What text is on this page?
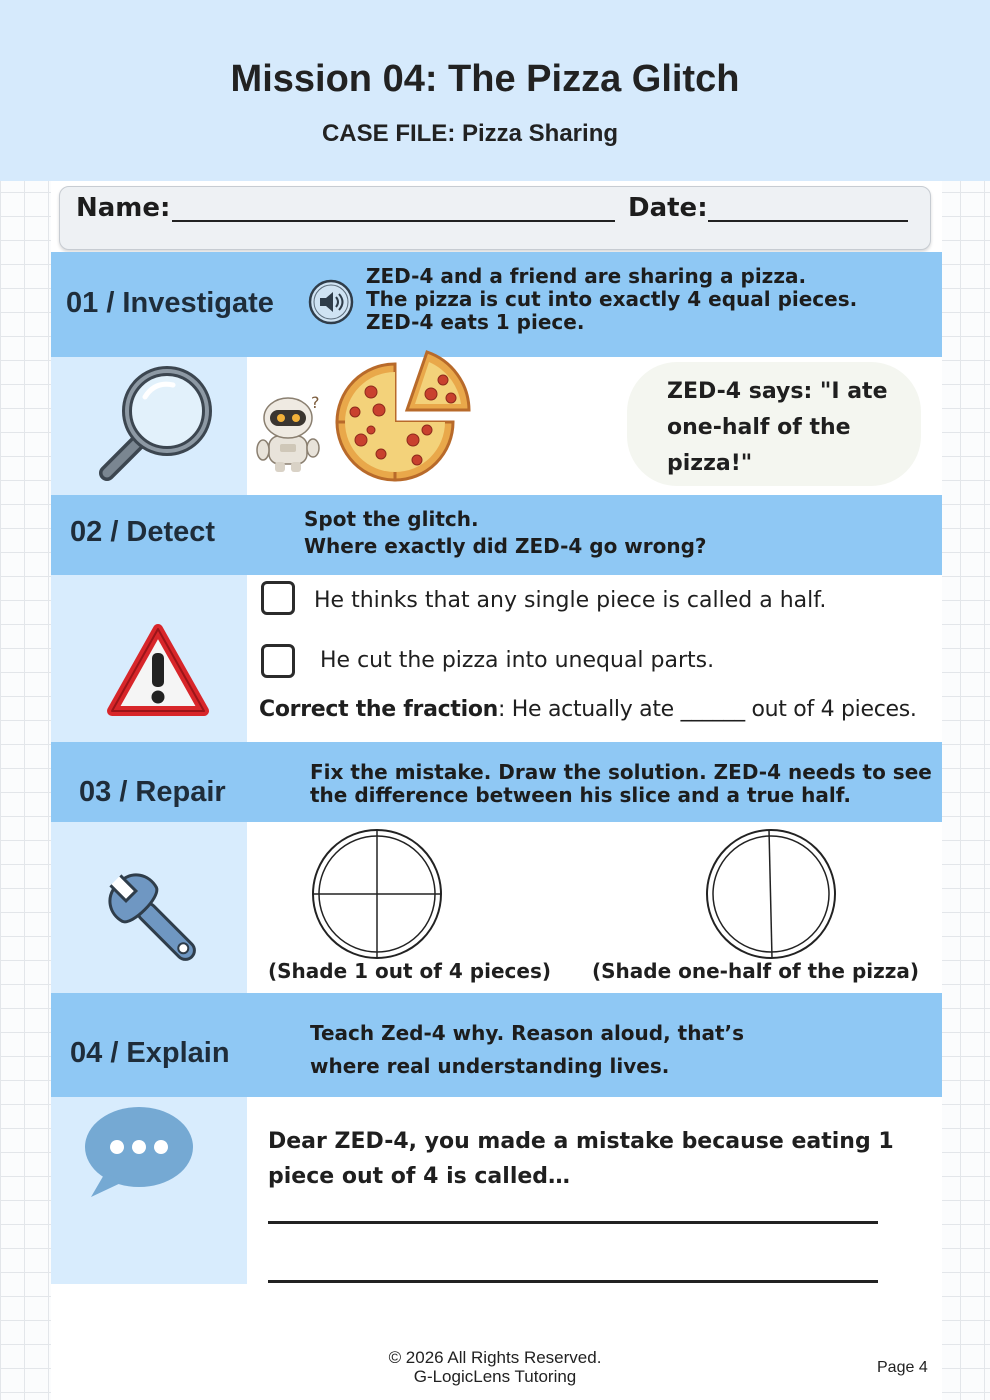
Mission 04: The Pizza Glitch
CASE FILE: Pizza Sharing
Name:	Date:
01 / Investigate
ZED-4 and a friend are sharing a pizza.
The pizza is cut into exactly 4 equal pieces.
ZED-4 eats 1 piece.
?	ZED-4 says: "I ate one-half of the pizza!"
02 / Detect	Spot the glitch.
Where exactly did ZED-4 go wrong?
He thinks that any single piece is called a half.
He cut the pizza into unequal parts.
Correct the fraction: He actually ate ______ out of 4 pieces.
03 / Repair
Fix the mistake. Draw the solution. ZED-4 needs to see
the difference between his slice and a true half.
(Shade 1 out of 4 pieces) (Shade one-half of the pizza)
04 / Explain
Teach Zed-4 why. Reason aloud, that’s
where real understanding lives.
Dear ZED-4, you made a mistake because eating 1
piece out of 4 is called…
© 2026 All Rights Reserved.
G-LogicLens Tutoring	Page 4
